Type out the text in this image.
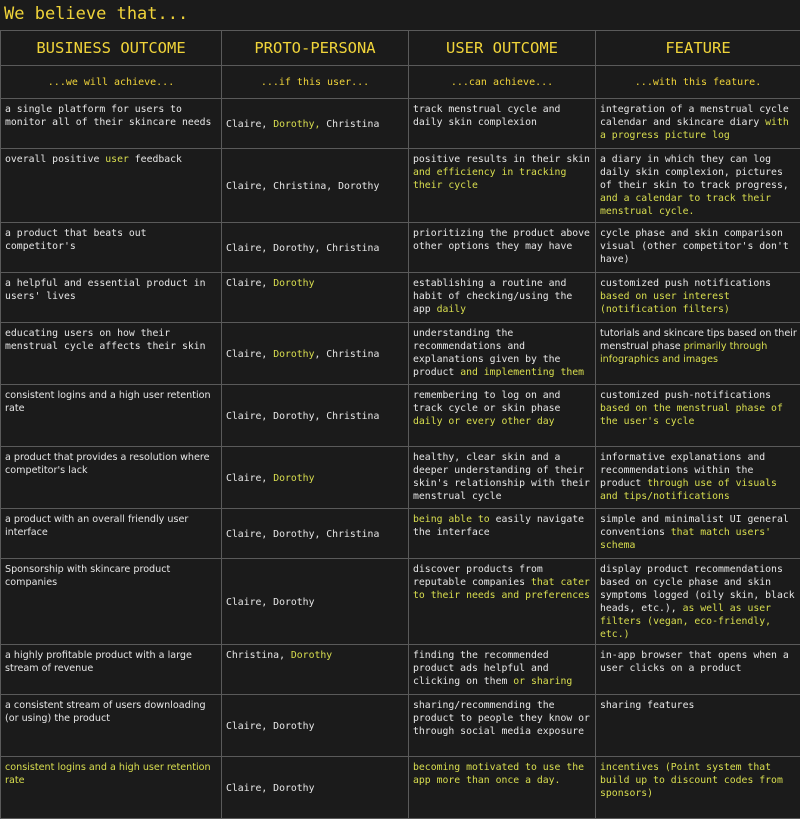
We believe that...
BUSINESS OUTCOME	PROTO-PERSONA	USER OUTCOME	FEATURE
...we will achieve...	...if this user...	...can achieve...	...with this feature.
a single platform for users to monitor all of their skincare needs	Claire, Dorothy, Christina	track menstrual cycle and daily skin complexion	integration of a menstrual cycle calendar and skincare diary with a progress picture log
overall positive user feedback	Claire, Christina, Dorothy	positive results in their skin and efficiency in tracking their cycle	a diary in which they can log daily skin complexion, pictures of their skin to track progress, and a calendar to track their menstrual cycle.
a product that beats out competitor's	Claire, Dorothy, Christina	prioritizing the product above other options they may have	cycle phase and skin comparison visual (other competitor's don't have)
a helpful and essential product in users' lives	Claire, Dorothy	establishing a routine and habit of checking/using the app daily	customized push notifications based on user interest (notification filters)
educating users on how their menstrual cycle affects their skin	Claire, Dorothy, Christina	understanding the recommendations and explanations given by the product and implementing them	tutorials and skincare tips based on their menstrual phase primarily through infographics and images
consistent logins and a high user retention rate	Claire, Dorothy, Christina	remembering to log on and track cycle or skin phase daily or every other day	customized push-notifications based on the menstrual phase of the user's cycle
a product that provides a resolution where competitor's lack	Claire, Dorothy	healthy, clear skin and a deeper understanding of their skin's relationship with their menstrual cycle	informative explanations and recommendations within the product through use of visuals and tips/notifications
a product with an overall friendly user interface	Claire, Dorothy, Christina	being able to easily navigate the interface	simple and minimalist UI general conventions that match users' schema
Sponsorship with skincare product companies	Claire, Dorothy	discover products from reputable companies that cater to their needs and preferences	display product recommendations based on cycle phase and skin symptoms logged (oily skin, black heads, etc.), as well as user filters (vegan, eco-friendly, etc.)
a highly profitable product with a large stream of revenue	Christina, Dorothy	finding the recommended product ads helpful and clicking on them or sharing	in-app browser that opens when a user clicks on a product
a consistent stream of users downloading (or using) the product	Claire, Dorothy	sharing/recommending the product to people they know or through social media exposure	sharing features
consistent logins and a high user retention rate	Claire, Dorothy	becoming motivated to use the app more than once a day.	incentives (Point system that build up to discount codes from sponsors)
